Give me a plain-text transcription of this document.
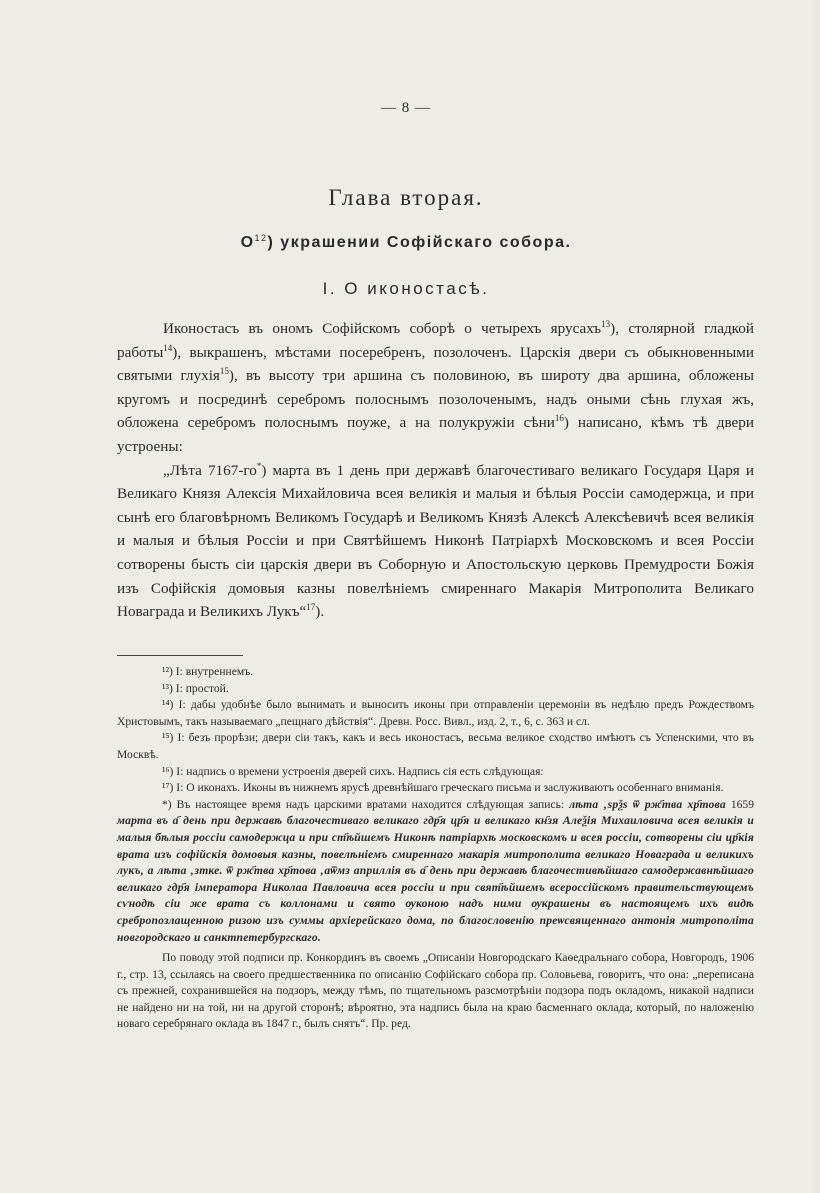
— 8 —
Глава вторая.
$О^{12}$) украшении Софійскаго собора.
I. О иконостасѣ.

Иконостасъ въ ономъ Софійскомъ соборѣ о четырехъ ярусахъ$^{13}$), столярной гладкой работы$^{14}$), выкрашенъ, мѣстами посеребренъ, позолоченъ. Царскія двери съ обыкновенными святыми глухія$^{15}$), въ высоту три аршина съ половиною, въ широту два аршина, обложены кругомъ и посрединѣ серебромъ полоснымъ позолоченымъ, надъ оными сѣнь глухая жъ, обложена серебромъ полоснымъ поуже, а на полукружіи сѣни$^{16}$) написано, кѣмъ тѣ двери устроены:

„Лѣта 7167-го*) марта въ 1 день при державѣ благочестиваго великаго Государя Царя и Великаго Князя Алексія Михайловича всея великія и малыя и бѣлыя Россіи самодержца, и при сынѣ его благовѣрномъ Великомъ Государѣ и Великомъ Князѣ Алексѣ Алексѣевичѣ всея великія и малыя и бѣлыя Россіи и при Святѣйшемъ Никонѣ Патріархѣ Московскомъ и всея Россіи сотворены бысть сіи царскія двери въ Соборную и Апостольскую церковь Премудрости Божія изъ Софійскія домовыя казны повелѣніемъ смиреннаго Макарія Митрополита Великаго Новаграда и Великихъ Лукъ“$^{17}$).

¹²) I: внутреннемъ.

¹³) I: простой.

¹⁴) I: дабы удобнѣе было вынимать и выносить иконы при отправленіи церемоніи въ недѣлю предъ Рождествомъ Христовымъ, такъ называемаго „пещнаго дѣйствія“. Древн. Росс. Вивл., изд. 2, т., 6, с. 363 и сл.

¹⁵) I: безъ прорѣзи; двери сіи такъ, какъ и весь иконостасъ, весьма великое сходство имѣютъ съ Успенскими, что въ Москвѣ.

¹⁶) I: надпись о времени устроенія дверей сихъ. Надпись сія есть слѣдующая:

¹⁷) I: О иконахъ. Иконы въ нижнемъ ярусѣ древнѣйшаго греческаго письма и заслуживаютъ особеннаго вниманія.

*) Въ настоящее время надъ царскими вратами находится слѣдующая запись: лѣта ‚ѕрѯѕ ѿ рж҃тва хр҃това 1659 марта въ а҃ день при державѣ благочестиваго великаго гдр҃я цр҃я и великаго кн҃зя Алеѯія Михаиловича всея великія и малыя бѣлыя россіи самодержца и при ст҃ѣйшемъ Никонѣ патріархѣ московскомъ и всея россіи, сотворены сіи цр҃кія врата изъ софійскія домовыя казны, повелѣніемъ смиреннаго макарія митрополита великаго Новаграда и великихъ лукъ, а лѣта ‚зтке. ѿ рж҃тва хр҃това ‚аѿмз априллія въ а҃ день при державѣ благочестивѣйшаго самодержавнѣйшаго великаго гдр҃я імператора Николаа Павловича всея россіи и при свят҃ѣйшемъ всероссійскомъ правительствующемъ сѵнодѣ сіи же врата съ коллонами и свято ѹконою надъ ними ѹкрашены въ настоящемъ ихъ видѣ сребропозлащенною ризою изъ суммы архіерейскаго дома, по благословенію преѡсвященнаго антонія митрополіта новгородскаго и санктпетербургскаго.

По поводу этой подписи пр. Конкординъ въ своемъ „Описаніи Новгородскаго Каѳедральнаго собора, Новгородъ, 1906 г., стр. 13, ссылаясь на своего предшественника по описанію Софійскаго собора пр. Соловьева, говоритъ, что она: „переписана съ прежней, сохранившейся на подзоръ, между тѣмъ, по тщательномъ разсмотрѣніи подзора подъ окладомъ, никакой надписи не найдено ни на той, ни на другой сторонѣ; вѣроятно, эта надпись была на краю басменнаго оклада, который, по наложенію новаго серебрянаго оклада въ 1847 г., былъ снятъ“. Пр. ред.
